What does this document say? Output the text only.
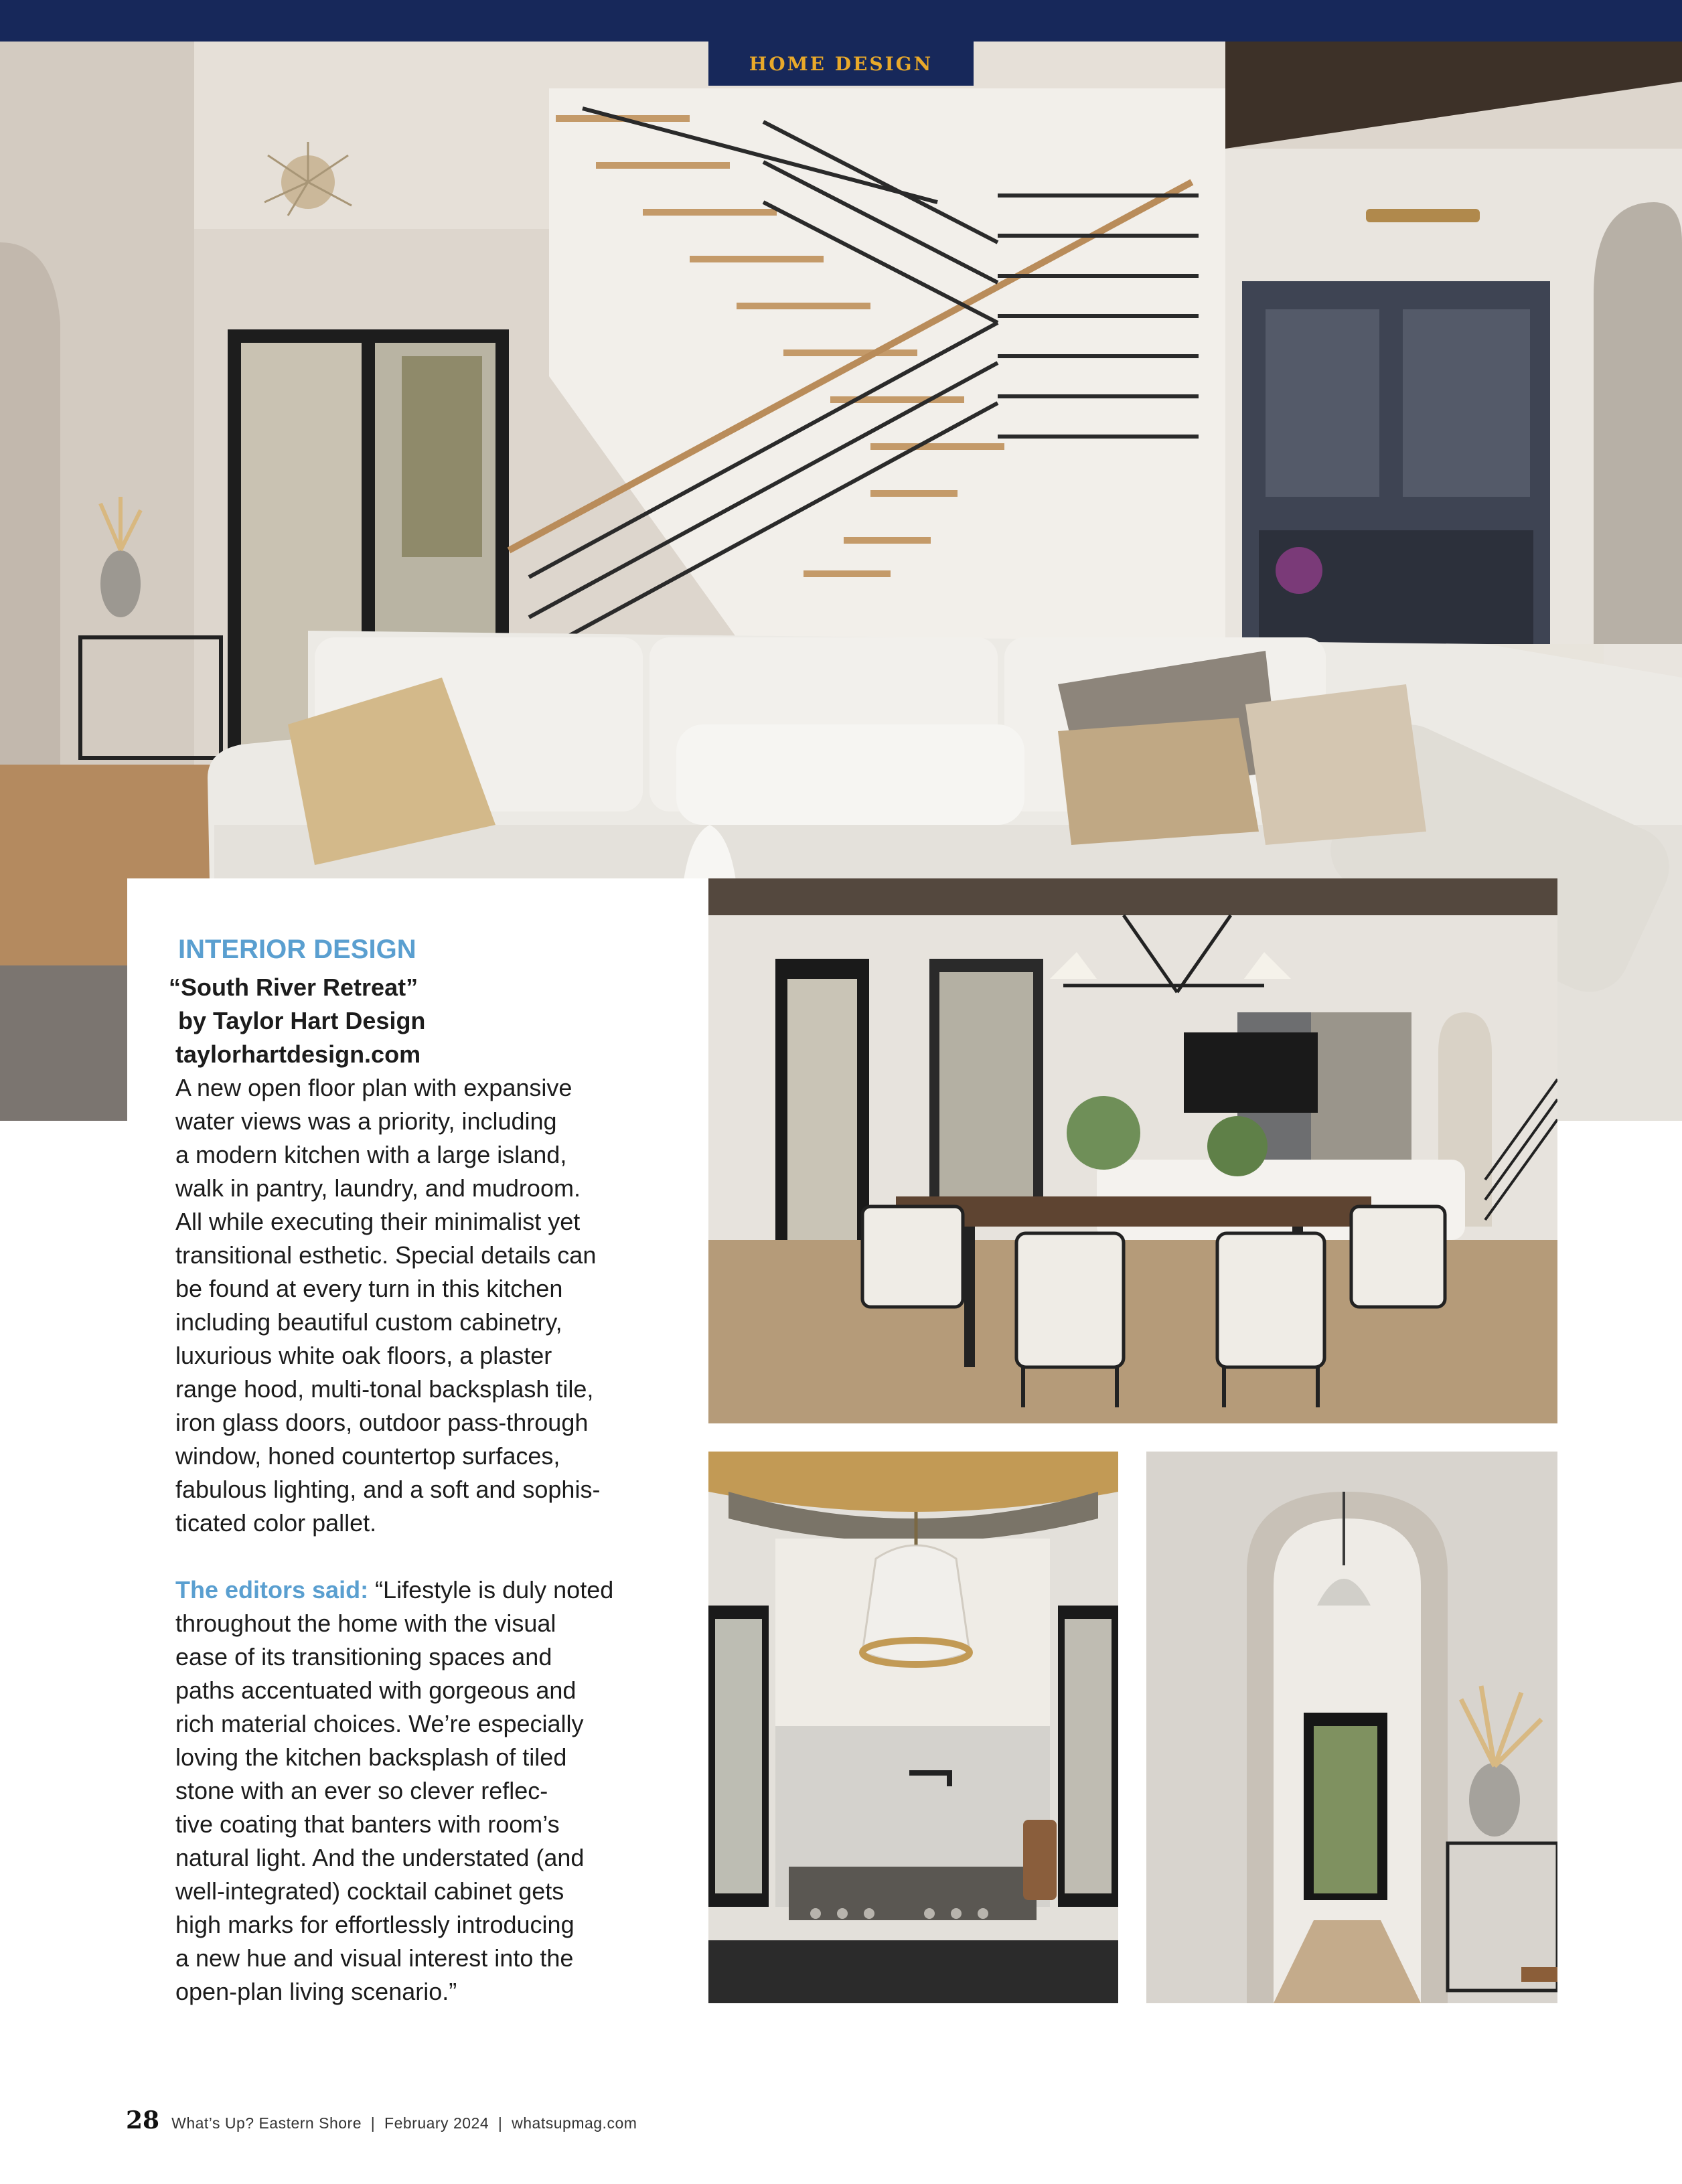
HOME DESIGN

INTERIOR DESIGN

“South River Retreat”

by Taylor Hart Design

taylorhartdesign.com

A new open floor plan with expansive

water views was a priority, including

a modern kitchen with a large island,

walk in pantry, laundry, and mudroom.

All while executing their minimalist yet

transitional esthetic. Special details can

be found at every turn in this kitchen

including beautiful custom cabinetry,

luxurious white oak floors, a plaster

range hood, multi-tonal backsplash tile,

iron glass doors, outdoor pass-through

window, honed countertop surfaces,

fabulous lighting, and a soft and sophis-

ticated color pallet.

The editors said: “Lifestyle is duly noted

throughout the home with the visual

ease of its transitioning spaces and

paths accentuated with gorgeous and

rich material choices. We’re especially

loving the kitchen backsplash of tiled

stone with an ever so clever reflec-

tive coating that banters with room’s

natural light. And the understated (and

well-integrated) cocktail cabinet gets

high marks for effortlessly introducing

a new hue and visual interest into the

open-plan living scenario.”

28 What’s Up? Eastern Shore  |  February 2024  |  whatsupmag.com
